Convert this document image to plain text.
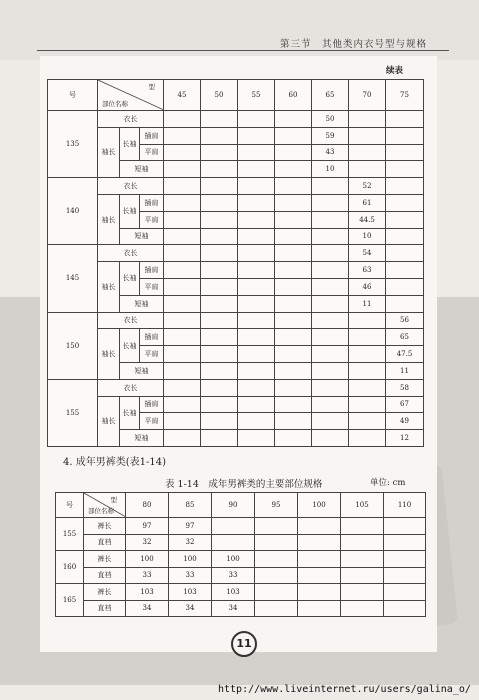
第三节　其他类内衣号型与规格
续表
号	型
部位名称			45	50	55	60	65	70	75
135	衣长							50		
	袖长	长袖	插肩					59		
			平肩					43		
		短袖						10		
140	衣长								52	
	袖长	长袖	插肩						61	
			平肩						44.5	
		短袖							10	
145	衣长								54	
	袖长	长袖	插肩						63	
			平肩						46	
		短袖							11	
150	衣长									56
	袖长	长袖	插肩							65
			平肩							47.5
		短袖								11
155	衣长									58
	袖长	长袖	插肩							67
			平肩							49
		短袖								12
4. 成年男裤类(表1-14)
表 1-14　成年男裤类的主要部位规格	单位: cm
号	型
部位名称	80	85	90	95	100	105	110
155	裤长	97	97					
	直裆	32	32					
160	裤长	100	100	100				
	直裆	33	33	33				
165	裤长	103	103	103				
	直裆	34	34	34				
11
http://www.liveinternet.ru/users/galina_o/
